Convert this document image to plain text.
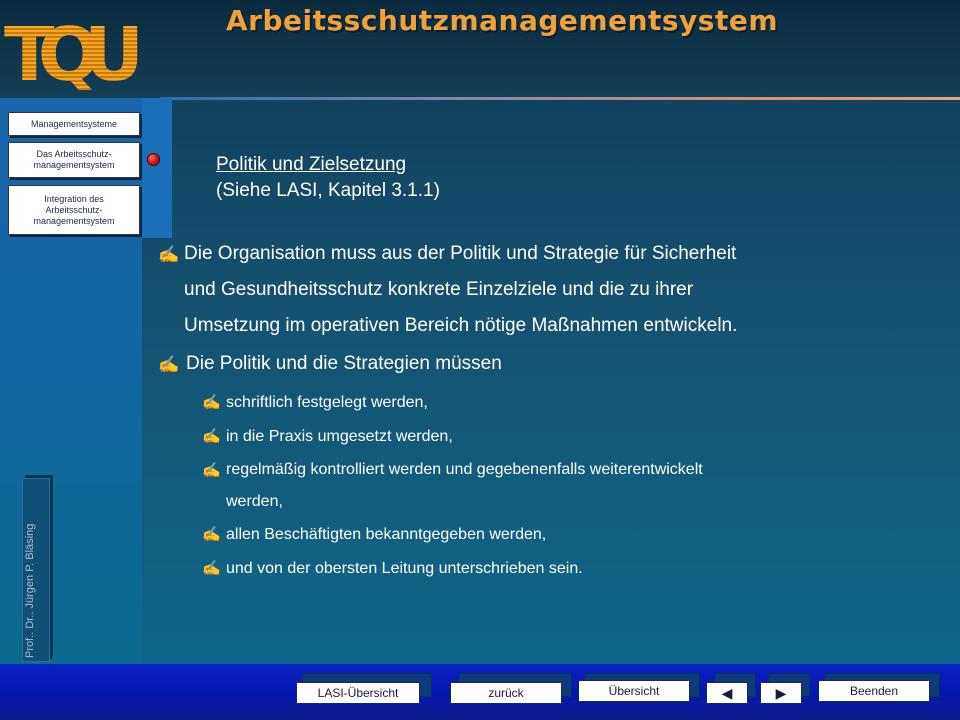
TQU	Arbeitsschutzmanagementsystem
Managementsysteme
Das Arbeitsschutz-
managementsystem
Integration des
Arbeitsschutz-
managementsystem
Prof.. Dr.. Jürgen P. Bläsing
Politik und Zielsetzung
(Siehe LASI, Kapitel 3.1.1)
✍ Die Organisation muss aus der Politik und Strategie für Sicherheit
und Gesundheitsschutz konkrete Einzelziele und die zu ihrer
Umsetzung im operativen Bereich nötige Maßnahmen entwickeln.
✍ Die Politik und die Strategien müssen
✍ schriftlich festgelegt werden,
✍ in die Praxis umgesetzt werden,
✍ regelmäßig kontrolliert werden und gegebenenfalls weiterentwickelt
werden,
✍ allen Beschäftigten bekanntgegeben werden,
✍ und von der obersten Leitung unterschrieben sein.
LASI-Übersicht	zurück	Übersicht	◀	▶	Beenden
